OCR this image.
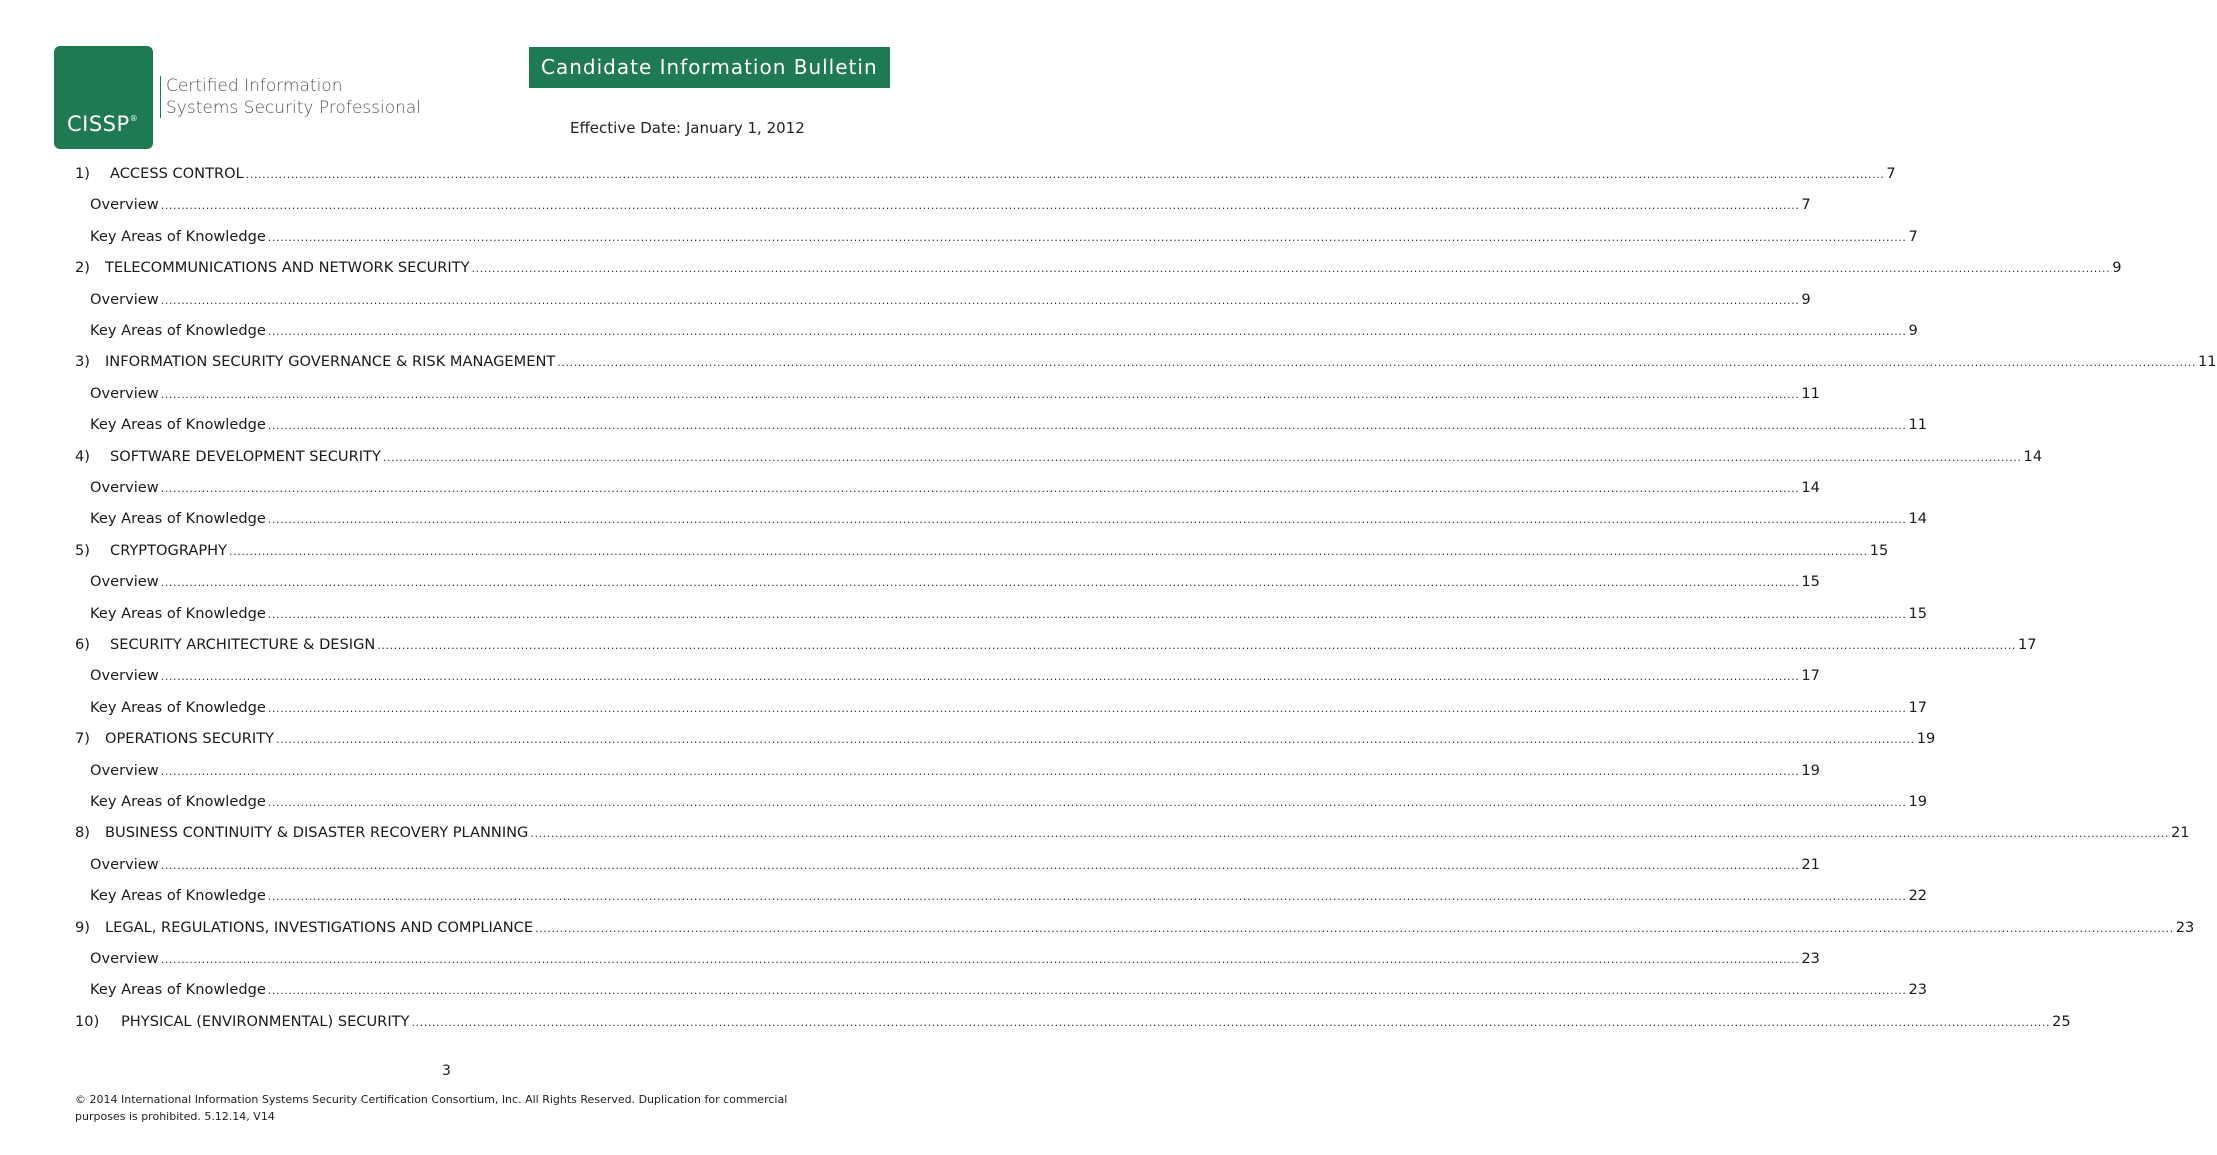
CISSP®
Certified Information
Systems Security Professional
Candidate Information Bulletin
Effective Date: January 1, 2012
1)	ACCESS CONTROL ................................................................................................................................................................................................................................................................................................................................................................................................................ 7
Overview ................................................................................................................................................................................................................................................................................................................................................................................................................ 7
Key Areas of Knowledge ................................................................................................................................................................................................................................................................................................................................................................................................................ 7
2)	TELECOMMUNICATIONS AND NETWORK SECURITY ................................................................................................................................................................................................................................................................................................................................................................................................................ 9
Overview ................................................................................................................................................................................................................................................................................................................................................................................................................ 9
Key Areas of Knowledge ................................................................................................................................................................................................................................................................................................................................................................................................................ 9
3)	INFORMATION SECURITY GOVERNANCE & RISK MANAGEMENT ................................................................................................................................................................................................................................................................................................................................................................................................................ 11
Overview ................................................................................................................................................................................................................................................................................................................................................................................................................ 11
Key Areas of Knowledge ................................................................................................................................................................................................................................................................................................................................................................................................................ 11
4)	SOFTWARE DEVELOPMENT SECURITY ................................................................................................................................................................................................................................................................................................................................................................................................................ 14
Overview ................................................................................................................................................................................................................................................................................................................................................................................................................ 14
Key Areas of Knowledge ................................................................................................................................................................................................................................................................................................................................................................................................................ 14
5)	CRYPTOGRAPHY ................................................................................................................................................................................................................................................................................................................................................................................................................ 15
Overview ................................................................................................................................................................................................................................................................................................................................................................................................................ 15
Key Areas of Knowledge ................................................................................................................................................................................................................................................................................................................................................................................................................ 15
6)	SECURITY ARCHITECTURE & DESIGN ................................................................................................................................................................................................................................................................................................................................................................................................................ 17
Overview ................................................................................................................................................................................................................................................................................................................................................................................................................ 17
Key Areas of Knowledge ................................................................................................................................................................................................................................................................................................................................................................................................................ 17
7)	OPERATIONS SECURITY ................................................................................................................................................................................................................................................................................................................................................................................................................ 19
Overview ................................................................................................................................................................................................................................................................................................................................................................................................................ 19
Key Areas of Knowledge ................................................................................................................................................................................................................................................................................................................................................................................................................ 19
8)	BUSINESS CONTINUITY & DISASTER RECOVERY PLANNING ................................................................................................................................................................................................................................................................................................................................................................................................................ 21
Overview ................................................................................................................................................................................................................................................................................................................................................................................................................ 21
Key Areas of Knowledge ................................................................................................................................................................................................................................................................................................................................................................................................................ 22
9)	LEGAL, REGULATIONS, INVESTIGATIONS AND COMPLIANCE ................................................................................................................................................................................................................................................................................................................................................................................................................ 23
Overview ................................................................................................................................................................................................................................................................................................................................................................................................................ 23
Key Areas of Knowledge ................................................................................................................................................................................................................................................................................................................................................................................................................ 23
10)	PHYSICAL (ENVIRONMENTAL) SECURITY ................................................................................................................................................................................................................................................................................................................................................................................................................ 25
3
© 2014 International Information Systems Security Certification Consortium, Inc. All Rights Reserved. Duplication for commercial
purposes is prohibited. 5.12.14, V14
